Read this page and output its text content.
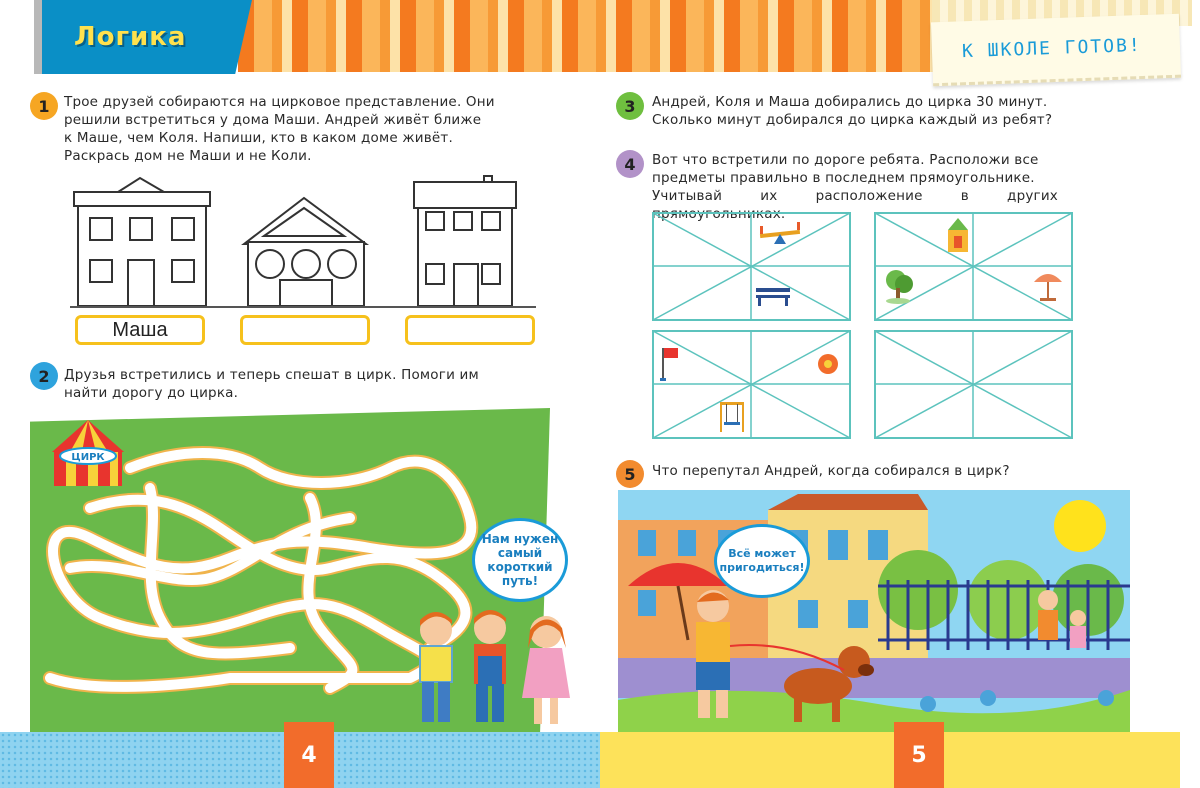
Логика	К ШКОЛЕ ГОТОВ!
1	Трое друзей собираются на цирковое представление. Они
решили встретиться у дома Маши. Андрей живёт ближе
к Маше, чем Коля. Напиши, кто в каком доме живёт.
Раскрась дом не Маши и не Коли.
Маша
2	Друзья встретились и теперь спешат в цирк. Помоги им
найти дорогу до цирка.
ЦИРК
Нам нужен
самый
короткий
путь!
3	Андрей, Коля и Маша добирались до цирка 30 минут.
Сколько минут добирался до цирка каждый из ребят?
4	Вот что встретили по дороге ребята. Расположи все
предметы правильно в последнем прямоугольнике.
Учитывай их расположение в других прямоугольниках.
5	Что перепутал Андрей, когда собирался в цирк?
Всё может
пригодиться!
4	5
